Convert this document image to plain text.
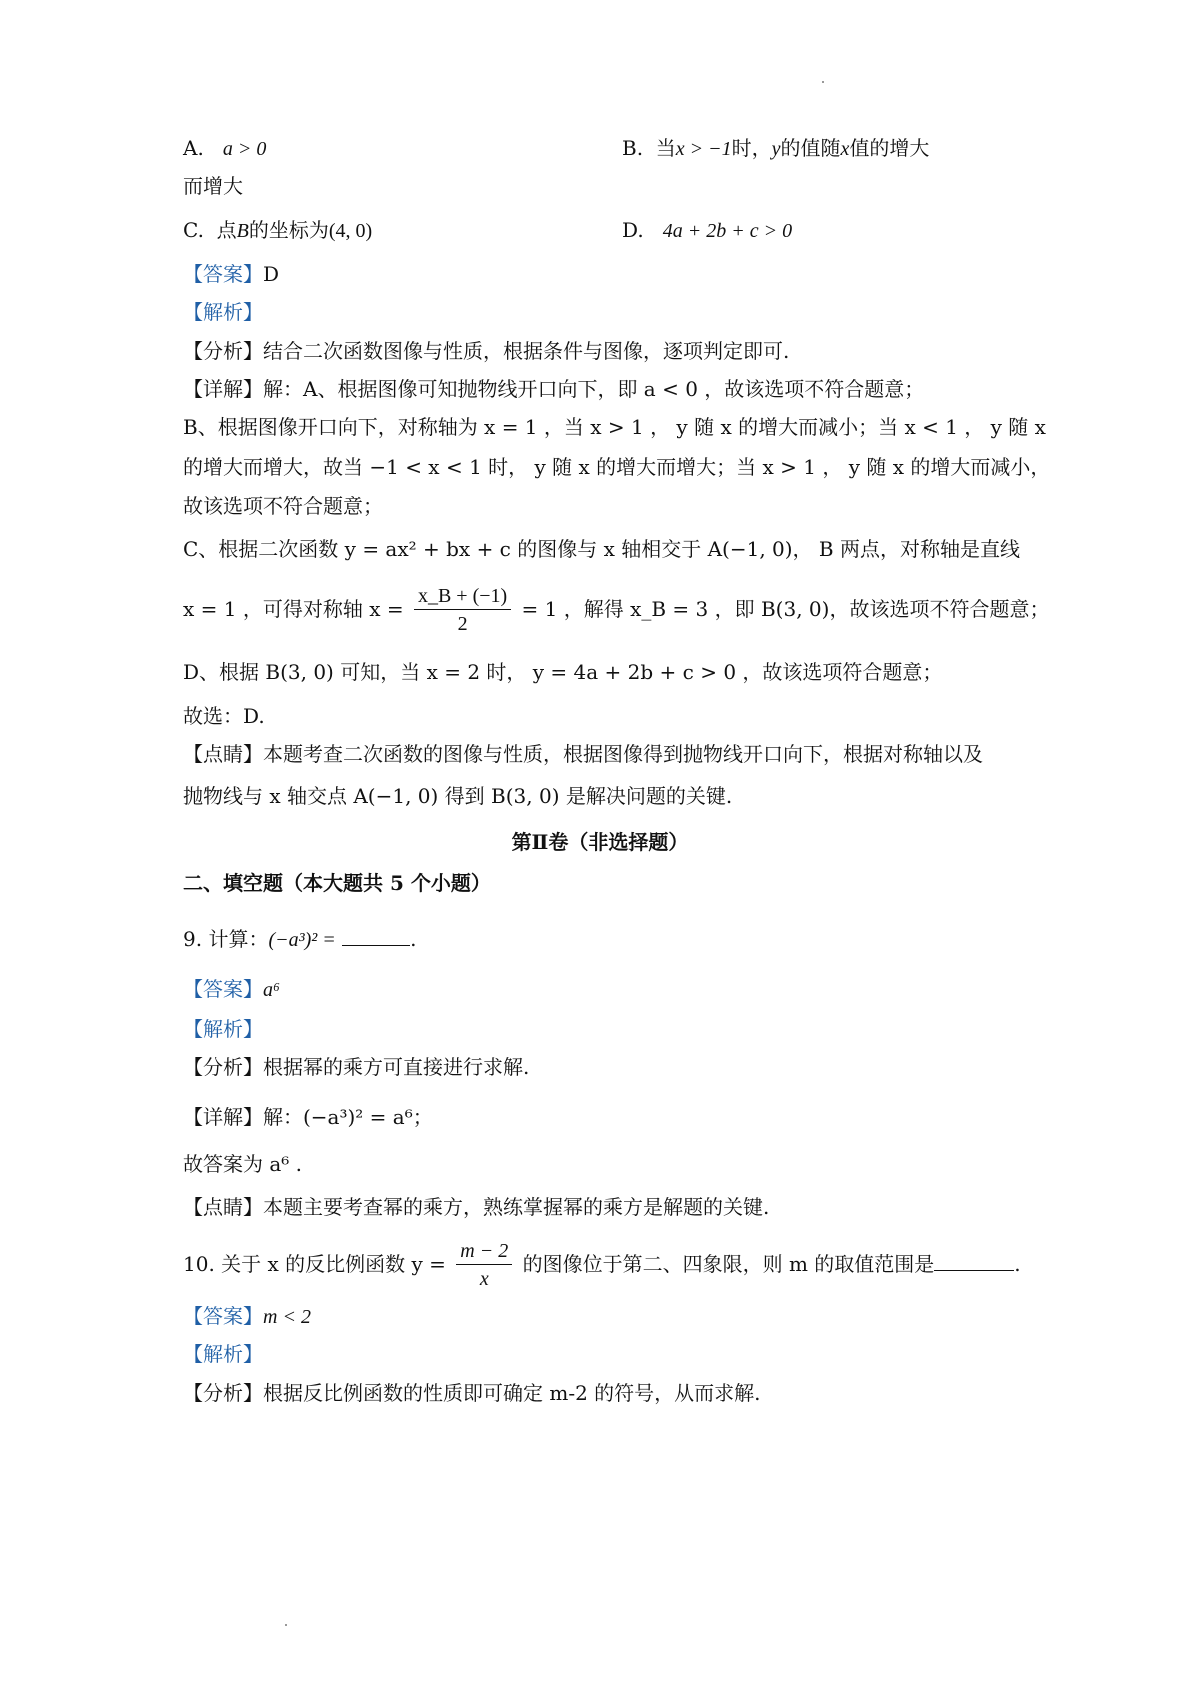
A. a > 0	B. 当x > −1时，y的值随x值的增大
而增大
C. 点B的坐标为(4, 0)	D. 4a + 2b + c > 0
【答案】D
【解析】
【分析】结合二次函数图像与性质，根据条件与图像，逐项判定即可.
【详解】解：A、根据图像可知抛物线开口向下，即 a < 0 ，故该选项不符合题意；
B、根据图像开口向下，对称轴为 x = 1 ，当 x > 1 ， y 随 x 的增大而减小；当 x < 1 ， y 随 x
的增大而增大，故当 −1 < x < 1 时， y 随 x 的增大而增大；当 x > 1 ， y 随 x 的增大而减小，
故该选项不符合题意；
C、根据二次函数 y = ax² + bx + c 的图像与 x 轴相交于 A(−1, 0)， B 两点，对称轴是直线
x = 1 ，可得对称轴 $x = \frac{x\_B + (-1)}{2} = 1$ ，解得 x_B = 3 ，即 B(3, 0)，故该选项不符合题意；
D、根据 B(3, 0) 可知，当 x = 2 时， y = 4a + 2b + c > 0 ，故该选项符合题意；
故选：D.
【点睛】本题考查二次函数的图像与性质，根据图像得到抛物线开口向下，根据对称轴以及
抛物线与 x 轴交点 A(−1, 0) 得到 B(3, 0) 是解决问题的关键.
第Ⅱ卷（非选择题）
二、填空题（本大题共 5 个小题）
9. 计算：(−a³)² =	.
【答案】a⁶
【解析】
【分析】根据幂的乘方可直接进行求解.
【详解】解：(−a³)² = a⁶；
故答案为 a⁶ .
【点睛】本题主要考查幂的乘方，熟练掌握幂的乘方是解题的关键.
10. 关于 x 的反比例函数 $y = \frac{m - 2}{x}$ 的图像位于第二、四象限，则 m 的取值范围是	.
【答案】m < 2
【解析】
【分析】根据反比例函数的性质即可确定 m-2 的符号，从而求解.
